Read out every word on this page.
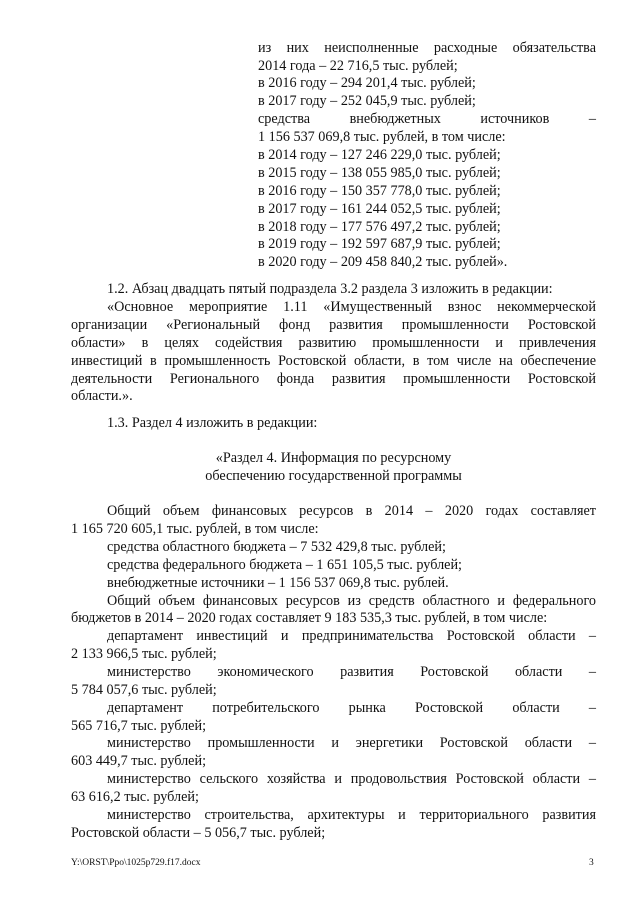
из них неисполненные расходные обязательства
2014 года – 22 716,5 тыс. рублей;
в 2016 году – 294 201,4 тыс. рублей;
в 2017 году – 252 045,9 тыс. рублей;
средства	внебюджетных	источников	–
1 156 537 069,8 тыс. рублей, в том числе:
в 2014 году – 127 246 229,0 тыс. рублей;
в 2015 году – 138 055 985,0 тыс. рублей;
в 2016 году – 150 357 778,0 тыс. рублей;
в 2017 году – 161 244 052,5 тыс. рублей;
в 2018 году – 177 576 497,2 тыс. рублей;
в 2019 году – 192 597 687,9 тыс. рублей;
в 2020 году – 209 458 840,2 тыс. рублей».
1.2. Абзац двадцать пятый подраздела 3.2 раздела 3 изложить в редакции:
«Основное мероприятие 1.11 «Имущественный взнос некоммерческой
организации «Региональный фонд развития промышленности Ростовской
области» в целях содействия развитию промышленности и привлечения
инвестиций в промышленность Ростовской области, в том числе на обеспечение
деятельности Регионального фонда развития промышленности Ростовской
области.».
1.3. Раздел 4 изложить в редакции:
«Раздел 4. Информация по ресурсному
обеспечению государственной программы
Общий объем финансовых ресурсов в 2014 – 2020 годах составляет
1 165 720 605,1 тыс. рублей, в том числе:
средства областного бюджета – 7 532 429,8 тыс. рублей;
средства федерального бюджета – 1 651 105,5 тыс. рублей;
внебюджетные источники – 1 156 537 069,8 тыс. рублей.
Общий объем финансовых ресурсов из средств областного и федерального
бюджетов в 2014 – 2020 годах составляет 9 183 535,3 тыс. рублей, в том числе:
департамент инвестиций и предпринимательства Ростовской области –
2 133 966,5 тыс. рублей;
министерство экономического развития Ростовской области –
5 784 057,6 тыс. рублей;
департамент потребительского рынка Ростовской области –
565 716,7 тыс. рублей;
министерство промышленности и энергетики Ростовской области –
603 449,7 тыс. рублей;
министерство сельского хозяйства и продовольствия Ростовской области –
63 616,2 тыс. рублей;
министерство строительства, архитектуры и территориального развития
Ростовской области – 5 056,7 тыс. рублей;
Y:\ORST\Ppo\1025p729.f17.docx	3
